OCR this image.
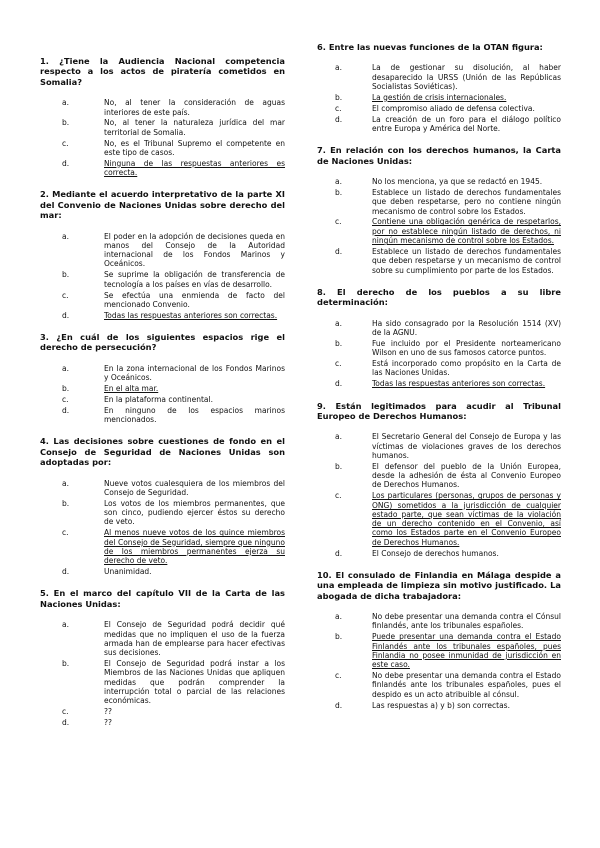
1. ¿Tiene la Audiencia Nacional competencia respecto a los actos de piratería cometidos en Somalia?
a.	No, al tener la consideración de aguas interiores de este país.
b.	No, al tener la naturaleza jurídica del mar territorial de Somalia.
c.	No, es el Tribunal Supremo el competente en este tipo de casos.
d.	Ninguna de las respuestas anteriores es correcta.
2. Mediante el acuerdo interpretativo de la parte XI del Convenio de Naciones Unidas sobre derecho del mar:
a.	El poder en la adopción de decisiones queda en manos del Consejo de la Autoridad internacional de los Fondos Marinos y Oceánicos.
b.	Se suprime la obligación de transferencia de tecnología a los países en vías de desarrollo.
c.	Se efectúa una enmienda de facto del mencionado Convenio.
d.	Todas las respuestas anteriores son correctas.
3. ¿En cuál de los siguientes espacios rige el derecho de persecución?
a.	En la zona internacional de los Fondos Marinos y Oceánicos.
b.	En el alta mar.
c.	En la plataforma continental.
d.	En ninguno de los espacios marinos mencionados.
4. Las decisiones sobre cuestiones de fondo en el Consejo de Seguridad de Naciones Unidas son adoptadas por:
a.	Nueve votos cualesquiera de los miembros del Consejo de Seguridad.
b.	Los votos de los miembros permanentes, que son cinco, pudiendo ejercer éstos su derecho de veto.
c.	Al menos nueve votos de los quince miembros del Consejo de Seguridad, siempre que ninguno de los miembros permanentes ejerza su derecho de veto.
d.	Unanimidad.
5. En el marco del capítulo VII de la Carta de las Naciones Unidas:
a.	El Consejo de Seguridad podrá decidir qué medidas que no impliquen el uso de la fuerza armada han de emplearse para hacer efectivas sus decisiones.
b.	El Consejo de Seguridad podrá instar a los Miembros de las Naciones Unidas que apliquen medidas que podrán comprender la interrupción total o parcial de las relaciones económicas.
c.	??
d.	??
6. Entre las nuevas funciones de la OTAN figura:
a.	La de gestionar su disolución, al haber desaparecido la URSS (Unión de las Repúblicas Socialistas Soviéticas).
b.	La gestión de crisis internacionales.
c.	El compromiso aliado de defensa colectiva.
d.	La creación de un foro para el diálogo político entre Europa y América del Norte.
7. En relación con los derechos humanos, la Carta de Naciones Unidas:
a.	No los menciona, ya que se redactó en 1945.
b.	Establece un listado de derechos fundamentales que deben respetarse, pero no contiene ningún mecanismo de control sobre los Estados.
c.	Contiene una obligación genérica de respetarlos, por no establece ningún listado de derechos, ni ningún mecanismo de control sobre los Estados.
d.	Establece un listado de derechos fundamentales que deben respetarse y un mecanismo de control sobre su cumplimiento por parte de los Estados.
8. El derecho de los pueblos a su libre determinación:
a.	Ha sido consagrado por la Resolución 1514 (XV) de la AGNU.
b.	Fue incluido por el Presidente norteamericano Wilson en uno de sus famosos catorce puntos.
c.	Está incorporado como propósito en la Carta de las Naciones Unidas.
d.	Todas las respuestas anteriores son correctas.
9. Están legitimados para acudir al Tribunal Europeo de Derechos Humanos:
a.	El Secretario General del Consejo de Europa y las víctimas de violaciones graves de los derechos humanos.
b.	El defensor del pueblo de la Unión Europea, desde la adhesión de ésta al Convenio Europeo de Derechos Humanos.
c.	Los particulares (personas, grupos de personas y ONG) sometidos a la jurisdicción de cualquier estado parte, que sean víctimas de la violación de un derecho contenido en el Convenio, así como los Estados parte en el Convenio Europeo de Derechos Humanos.
d.	El Consejo de derechos humanos.
10. El consulado de Finlandia en Málaga despide a una empleada de limpieza sin motivo justificado. La abogada de dicha trabajadora:
a.	No debe presentar una demanda contra el Cónsul finlandés, ante los tribunales españoles.
b.	Puede presentar una demanda contra el Estado Finlandés ante los tribunales españoles, pues Finlandia no posee inmunidad de jurisdicción en este caso.
c.	No debe presentar una demanda contra el Estado finlandés ante los tribunales españoles, pues el despido es un acto atribuible al cónsul.
d.	Las respuestas a) y b) son correctas.
